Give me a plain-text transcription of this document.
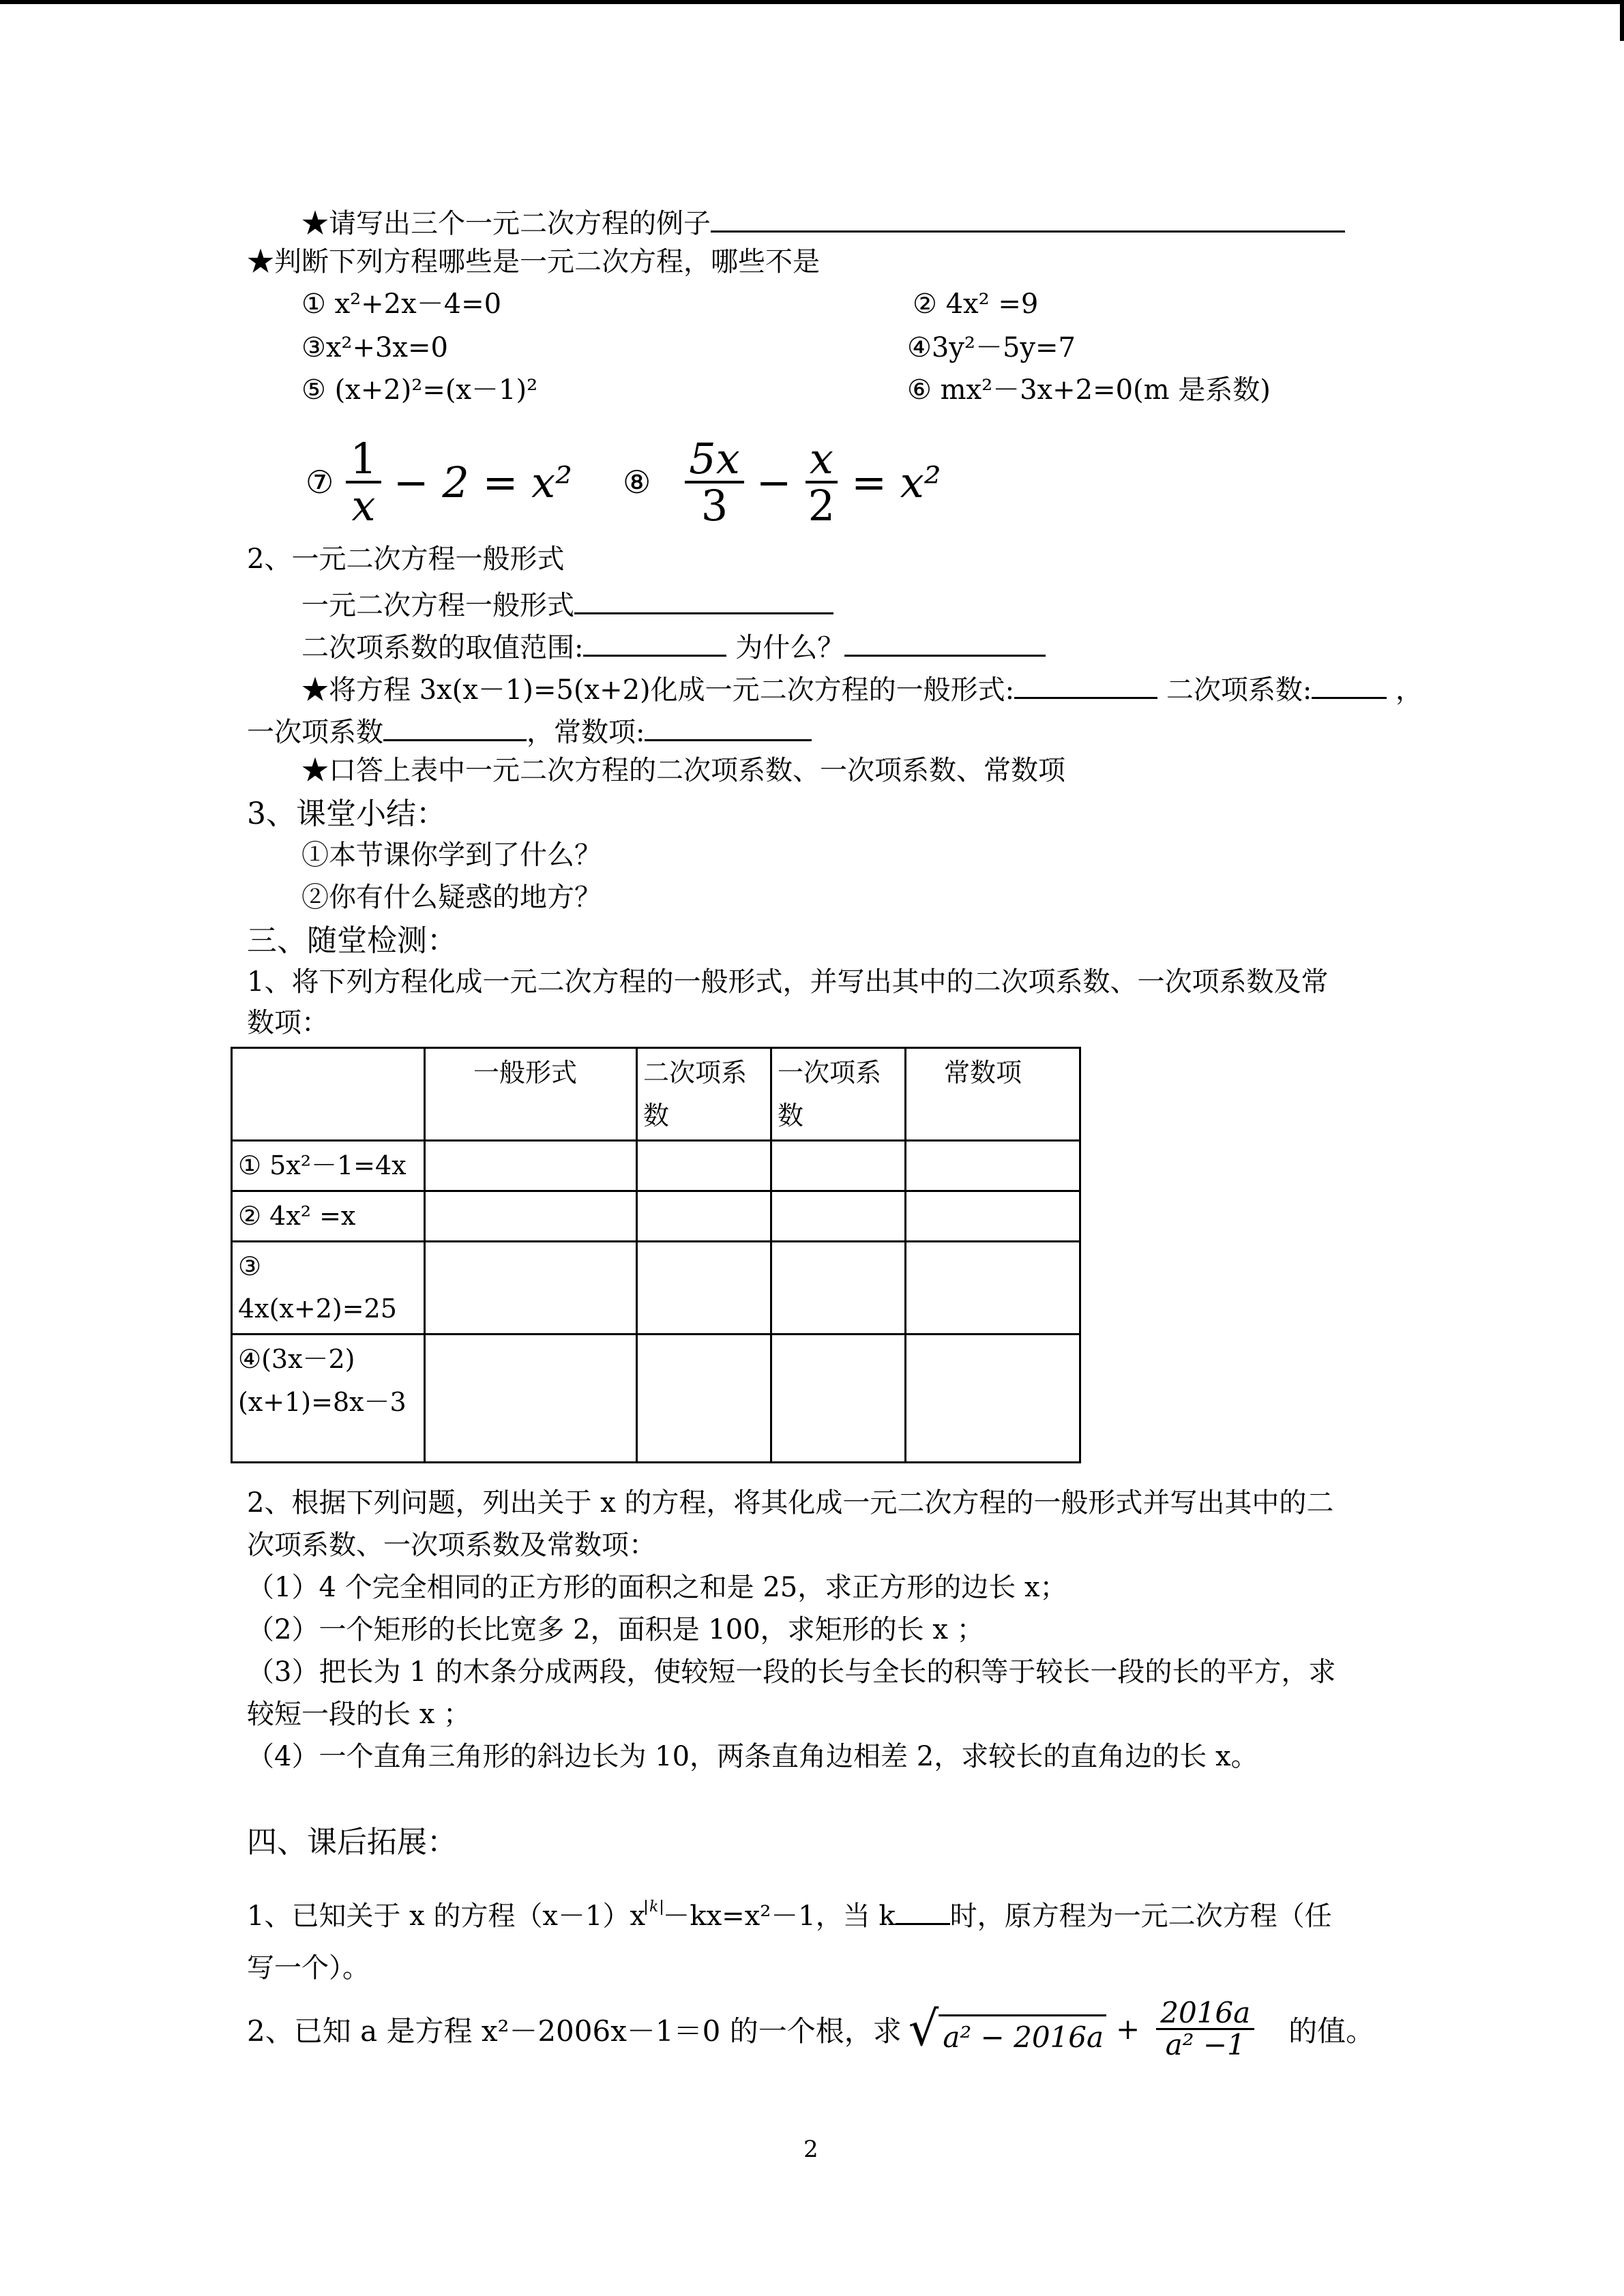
★请写出三个一元二次方程的例子
★判断下列方程哪些是一元二次方程，哪些不是
① x²+2x－4=0	② 4x² =9
③x²+3x=0	④3y²－5y=7
⑤ (x+2)²=(x－1)²	⑥ mx²－3x+2=0(m 是系数)
⑦ $\frac{1}{x} - 2 = x^2$ ⑧ $\frac{5x}{3} - \frac{x}{2} = x^2$
2、一元二次方程一般形式
一元二次方程一般形式
二次项系数的取值范围:	为什么？
★将方程 3x(x－1)=5(x+2)化成一元二次方程的一般形式:	二次项系数:	，
一次项系数	，常数项:
★口答上表中一元二次方程的二次项系数、一次项系数、常数项
3、课堂小结：
①本节课你学到了什么？
②你有什么疑惑的地方？
三、随堂检测：
1、将下列方程化成一元二次方程的一般形式，并写出其中的二次项系数、一次项系数及常
数项：
	一般形式	二次项系数	一次项系数	常数项
① 5x²－1=4x				
② 4x² =x				
③ 4x(x+2)=25				
④(3x－2)(x+1)=8x－3				
2、根据下列问题，列出关于 x 的方程，将其化成一元二次方程的一般形式并写出其中的二
次项系数、一次项系数及常数项：
（1）4 个完全相同的正方形的面积之和是 25，求正方形的边长 x；
（2）一个矩形的长比宽多 2，面积是 100，求矩形的长 x ；
（3）把长为 1 的木条分成两段，使较短一段的长与全长的积等于较长一段的长的平方，求
较短一段的长 x ；
（4）一个直角三角形的斜边长为 10，两条直角边相差 2，求较长的直角边的长 x。
四、课后拓展：
1、已知关于 x 的方程（x－1）x k －kx=x²－1，当 k 时，原方程为一元二次方程（任
写一个）。
2、已知 a 是方程 x²－2006x－1＝0 的一个根，求 √ $a^2 - 2016a + \frac{2016a}{\text{a² −1}}$ 的值。
2
